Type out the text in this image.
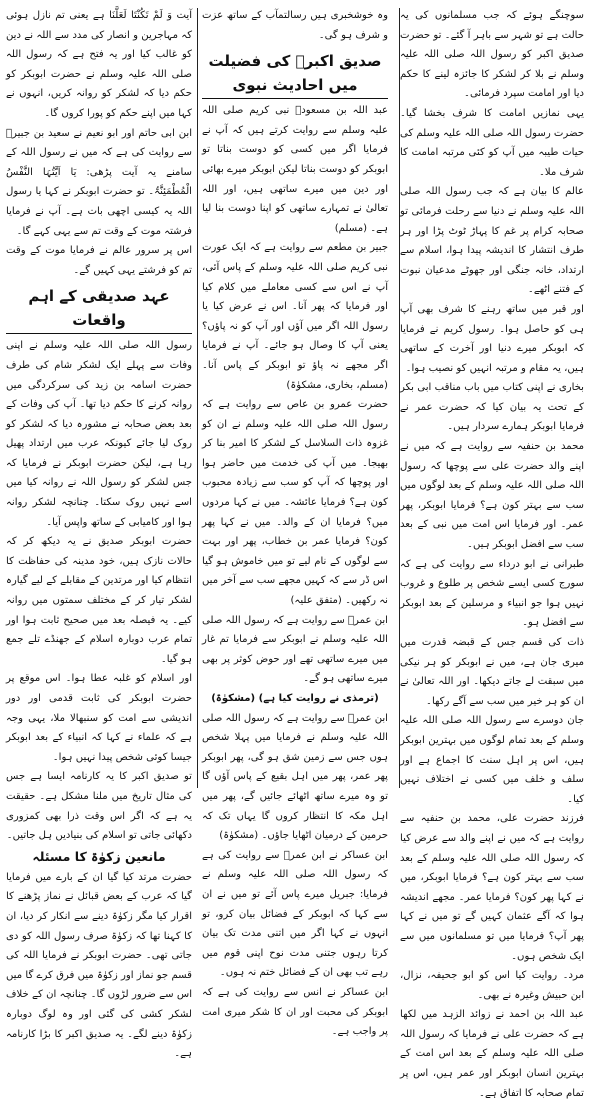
سوچنگے ہوئے کہ جب مسلمانوں کی یہ حالت ہے تو شہر سے باہر آ گئے۔ تو حضرت صدیق اکبر کو رسول اللہ صلی اللہ علیہ وسلم نے بلا کر لشکر کا جائزہ لینے کا حکم دیا اور امامت سپرد فرمائی۔

یہی نمازیں امامت کا شرف بخشا گیا۔ حضرت رسول اللہ صلی اللہ علیہ وسلم کی حیات طیبہ میں آپ کو کئی مرتبہ امامت کا شرف ملا۔

عالم کا بیان ہے کہ جب رسول اللہ صلی اللہ علیہ وسلم نے دنیا سے رحلت فرمائی تو صحابہ کرام پر غم کا پہاڑ ٹوٹ پڑا اور ہر طرف انتشار کا اندیشہ پیدا ہوا، اسلام سے ارتداد، خانہ جنگی اور جھوٹے مدعیان نبوت کے فتنے اٹھے۔

اور قبر میں ساتھ رہنے کا شرف بھی آپ ہی کو حاصل ہوا۔ رسول کریم نے فرمایا کہ ابوبکر میرے دنیا اور آخرت کے ساتھی ہیں، یہ مقام و مرتبہ انہیں کو نصیب ہوا۔

بخاری نے اپنی کتاب میں باب مناقب ابی بکر کے تحت یہ بیان کیا کہ حضرت عمر نے فرمایا ابوبکر ہمارے سردار ہیں۔

محمد بن حنفیہ سے روایت ہے کہ میں نے اپنے والد حضرت علی سے پوچھا کہ رسول اللہ صلی اللہ علیہ وسلم کے بعد لوگوں میں سب سے بہتر کون ہے؟ فرمایا ابوبکر، پھر عمر۔ اور فرمایا اس امت میں نبی کے بعد سب سے افضل ابوبکر ہیں۔

طبرانی نے ابو درداء سے روایت کی ہے کہ سورج کسی ایسے شخص پر طلوع و غروب نہیں ہوا جو انبیاء و مرسلین کے بعد ابوبکر سے افضل ہو۔

ذات کی قسم جس کے قبضہ قدرت میں میری جان ہے، میں نے ابوبکر کو ہر نیکی میں سبقت لے جاتے دیکھا۔ اور اللہ تعالیٰ نے ان کو ہر خیر میں سب سے آگے رکھا۔

جان دوسرے سے رسول اللہ صلی اللہ علیہ وسلم کے بعد تمام لوگوں میں بہترین ابوبکر ہیں، اس پر اہل سنت کا اجماع ہے اور سلف و خلف میں کسی نے اختلاف نہیں کیا۔

فرزند حضرت علی، محمد بن حنفیہ سے روایت ہے کہ میں نے اپنے والد سے عرض کیا کہ رسول اللہ صلی اللہ علیہ وسلم کے بعد سب سے بہتر کون ہے؟ فرمایا ابوبکر، میں نے کہا پھر کون؟ فرمایا عمر۔ مجھے اندیشہ ہوا کہ آگے عثمان کہیں گے تو میں نے کہا پھر آپ؟ فرمایا میں تو مسلمانوں میں سے ایک شخص ہوں۔

مرد۔ روایت کیا اس کو ابو جحیفہ، نزال، ابن حبیش وغیرہ نے بھی۔

عبد اللہ بن احمد نے زوائد الزہد میں لکھا ہے کہ حضرت علی نے فرمایا کہ رسول اللہ صلی اللہ علیہ وسلم کے بعد اس امت کے بہترین انسان ابوبکر اور عمر ہیں، اس پر تمام صحابہ کا اتفاق ہے۔

وہ خوشخبری ہیں رسالتمآب کے ساتھ عزت و شرف ہو گی۔

صدیق اکبرؓ کی فضیلت میں احادیث نبوی

عبد اللہ بن مسعودؓ نبی کریم صلی اللہ علیہ وسلم سے روایت کرتے ہیں کہ آپ نے فرمایا اگر میں کسی کو دوست بناتا تو ابوبکر کو دوست بناتا لیکن ابوبکر میرے بھائی اور دین میں میرے ساتھی ہیں، اور اللہ تعالیٰ نے تمہارے ساتھی کو اپنا دوست بنا لیا ہے۔ (مسلم)

جبیر بن مطعم سے روایت ہے کہ ایک عورت نبی کریم صلی اللہ علیہ وسلم کے پاس آئی، آپ نے اس سے کسی معاملے میں کلام کیا اور فرمایا کہ پھر آنا۔ اس نے عرض کیا یا رسول اللہ اگر میں آؤں اور آپ کو نہ پاؤں؟ یعنی آپ کا وصال ہو جائے۔ آپ نے فرمایا اگر مجھے نہ پاؤ تو ابوبکر کے پاس آنا۔ (مسلم، بخاری، مشکوٰۃ)

حضرت عمرو بن عاص سے روایت ہے کہ رسول اللہ صلی اللہ علیہ وسلم نے ان کو غزوہ ذات السلاسل کے لشکر کا امیر بنا کر بھیجا۔ میں آپ کی خدمت میں حاضر ہوا اور پوچھا کہ آپ کو سب سے زیادہ محبوب کون ہے؟ فرمایا عائشہ۔ میں نے کہا مردوں میں؟ فرمایا ان کے والد۔ میں نے کہا پھر کون؟ فرمایا عمر بن خطاب، پھر اور بہت سے لوگوں کے نام لیے تو میں خاموش ہو گیا اس ڈر سے کہ کہیں مجھے سب سے آخر میں نہ رکھیں۔ (متفق علیہ)

ابن عمرؓ سے روایت ہے کہ رسول اللہ صلی اللہ علیہ وسلم نے ابوبکر سے فرمایا تم غار میں میرے ساتھی تھے اور حوض کوثر پر بھی میرے ساتھی ہو گے۔

(ترمذی نے روایت کیا ہے) (مشکوٰۃ)

ابن عمرؓ سے روایت ہے کہ رسول اللہ صلی اللہ علیہ وسلم نے فرمایا میں پہلا شخص ہوں جس سے زمین شق ہو گی، پھر ابوبکر پھر عمر، پھر میں اہل بقیع کے پاس آؤں گا تو وہ میرے ساتھ اٹھائے جائیں گے، پھر میں اہل مکہ کا انتظار کروں گا یہاں تک کہ حرمین کے درمیان اٹھایا جاؤں۔ (مشکوٰۃ)

ابن عساکر نے ابن عمرؓ سے روایت کی ہے کہ رسول اللہ صلی اللہ علیہ وسلم نے فرمایا: جبریل میرے پاس آئے تو میں نے ان سے کہا کہ ابوبکر کے فضائل بیان کرو، تو انہوں نے کہا اگر میں اتنی مدت تک بیان کرتا رہوں جتنی مدت نوح اپنی قوم میں رہے تب بھی ان کے فضائل ختم نہ ہوں۔

ابن عساکر نے انس سے روایت کی ہے کہ ابوبکر کی محبت اور ان کا شکر میری امت پر واجب ہے۔

آیت وَ لَمْ تَکُنْتَا لَعَلَّنَا ہے یعنی تم نازل ہوئی کہ مہاجرین و انصار کی مدد سے اللہ نے دین کو غالب کیا اور یہ فتح ہے کہ رسول اللہ صلی اللہ علیہ وسلم نے حضرت ابوبکر کو حکم دیا کہ لشکر کو روانہ کریں، انہوں نے کہا میں اپنے حکم کو پورا کروں گا۔

ابن ابی حاتم اور ابو نعیم نے سعید بن جبیرؓ سے روایت کی ہے کہ میں نے رسول اللہ کے سامنے یہ آیت پڑھی: یَا اَیَّتُہَا النَّفْسُ الْمُطْمَئِنَّۃُ۔ تو حضرت ابوبکر نے کہا یا رسول اللہ یہ کیسی اچھی بات ہے۔ آپ نے فرمایا فرشتہ موت کے وقت تم سے یہی کہے گا۔

اس پر سرور عالم نے فرمایا موت کے وقت تم کو فرشتے یہی کہیں گے۔

عہد صدیقی کے اہم واقعات

رسول اللہ صلی اللہ علیہ وسلم نے اپنی وفات سے پہلے ایک لشکر شام کی طرف حضرت اسامہ بن زید کی سرکردگی میں روانہ کرنے کا حکم دیا تھا۔ آپ کی وفات کے بعد بعض صحابہ نے مشورہ دیا کہ لشکر کو روک لیا جائے کیونکہ عرب میں ارتداد پھیل رہا ہے، لیکن حضرت ابوبکر نے فرمایا کہ جس لشکر کو رسول اللہ نے روانہ کیا میں اسے نہیں روک سکتا۔ چنانچہ لشکر روانہ ہوا اور کامیابی کے ساتھ واپس آیا۔

حضرت ابوبکر صدیق نے یہ دیکھ کر کہ حالات نازک ہیں، خود مدینہ کی حفاظت کا انتظام کیا اور مرتدین کے مقابلے کے لیے گیارہ لشکر تیار کر کے مختلف سمتوں میں روانہ کیے۔ یہ فیصلہ بعد میں صحیح ثابت ہوا اور تمام عرب دوبارہ اسلام کے جھنڈے تلے جمع ہو گیا۔

اور اسلام کو غلبہ عطا ہوا۔ اس موقع پر حضرت ابوبکر کی ثابت قدمی اور دور اندیشی سے امت کو سنبھالا ملا، یہی وجہ ہے کہ علماء نے کہا کہ انبیاء کے بعد ابوبکر جیسا کوئی شخص پیدا نہیں ہوا۔

تو صدیق اکبر کا یہ کارنامہ ایسا ہے جس کی مثال تاریخ میں ملنا مشکل ہے۔ حقیقت یہ ہے کہ اگر اس وقت ذرا بھی کمزوری دکھائی جاتی تو اسلام کی بنیادیں ہل جاتیں۔

مانعین زکوٰۃ کا مسئلہ

حضرت مرتد کیا گیا ان کے بارے میں فرمایا گیا کہ عرب کے بعض قبائل نے نماز پڑھنے کا اقرار کیا مگر زکوٰۃ دینے سے انکار کر دیا، ان کا کہنا تھا کہ زکوٰۃ صرف رسول اللہ کو دی جاتی تھی۔ حضرت ابوبکر نے فرمایا اللہ کی قسم جو نماز اور زکوٰۃ میں فرق کرے گا میں اس سے ضرور لڑوں گا۔ چنانچہ ان کے خلاف لشکر کشی کی گئی اور وہ لوگ دوبارہ زکوٰۃ دینے لگے۔ یہ صدیق اکبر کا بڑا کارنامہ ہے۔
